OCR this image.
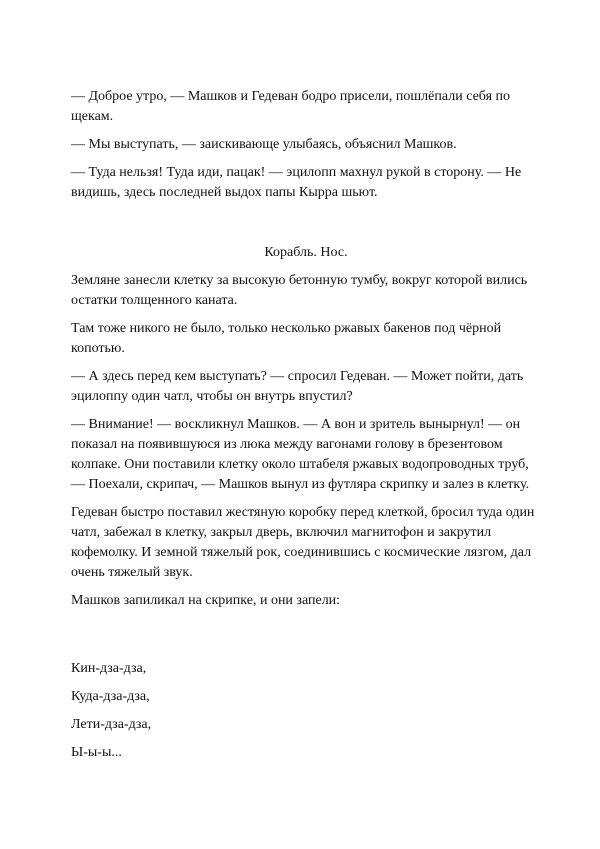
— Доброе утро, — Машков и Гедеван бодро присели, пошлёпали себя по щекам.

— Мы выступать, — заискивающе улыбаясь, объяснил Машков.

— Туда нельзя! Туда иди, пацак! — эцилопп махнул рукой в сторону. — Не видишь, здесь последней выдох папы Кырра шьют.

Корабль. Нос.

Земляне занесли клетку за высокую бетонную тумбу, вокруг которой вились остатки толщенного каната.

Там тоже никого не было, только несколько ржавых бакенов под чёрной копотью.

— А здесь перед кем выступать? — спросил Гедеван. — Может пойти, дать эцилоппу один чатл, чтобы он внутрь впустил?

— Внимание! — воскликнул Машков. — А вон и зритель вынырнул! — он показал на появившуюся из люка между вагонами голову в брезентовом колпаке. Они поставили клетку около штабеля ржавых водопроводных труб, — Поехали, скрипач, — Машков вынул из футляра скрипку и залез в клетку.

Гедеван быстро поставил жестяную коробку перед клеткой, бросил туда один чатл, забежал в клетку, закрыл дверь, включил магнитофон и закрутил кофемолку. И земной тяжелый рок, соединившись с космические лязгом, дал очень тяжелый звук.

Машков запиликал на скрипке, и они запели:

Кин-дза-дза,

Куда-дза-дза,

Лети-дза-дза,

Ы-ы-ы...
